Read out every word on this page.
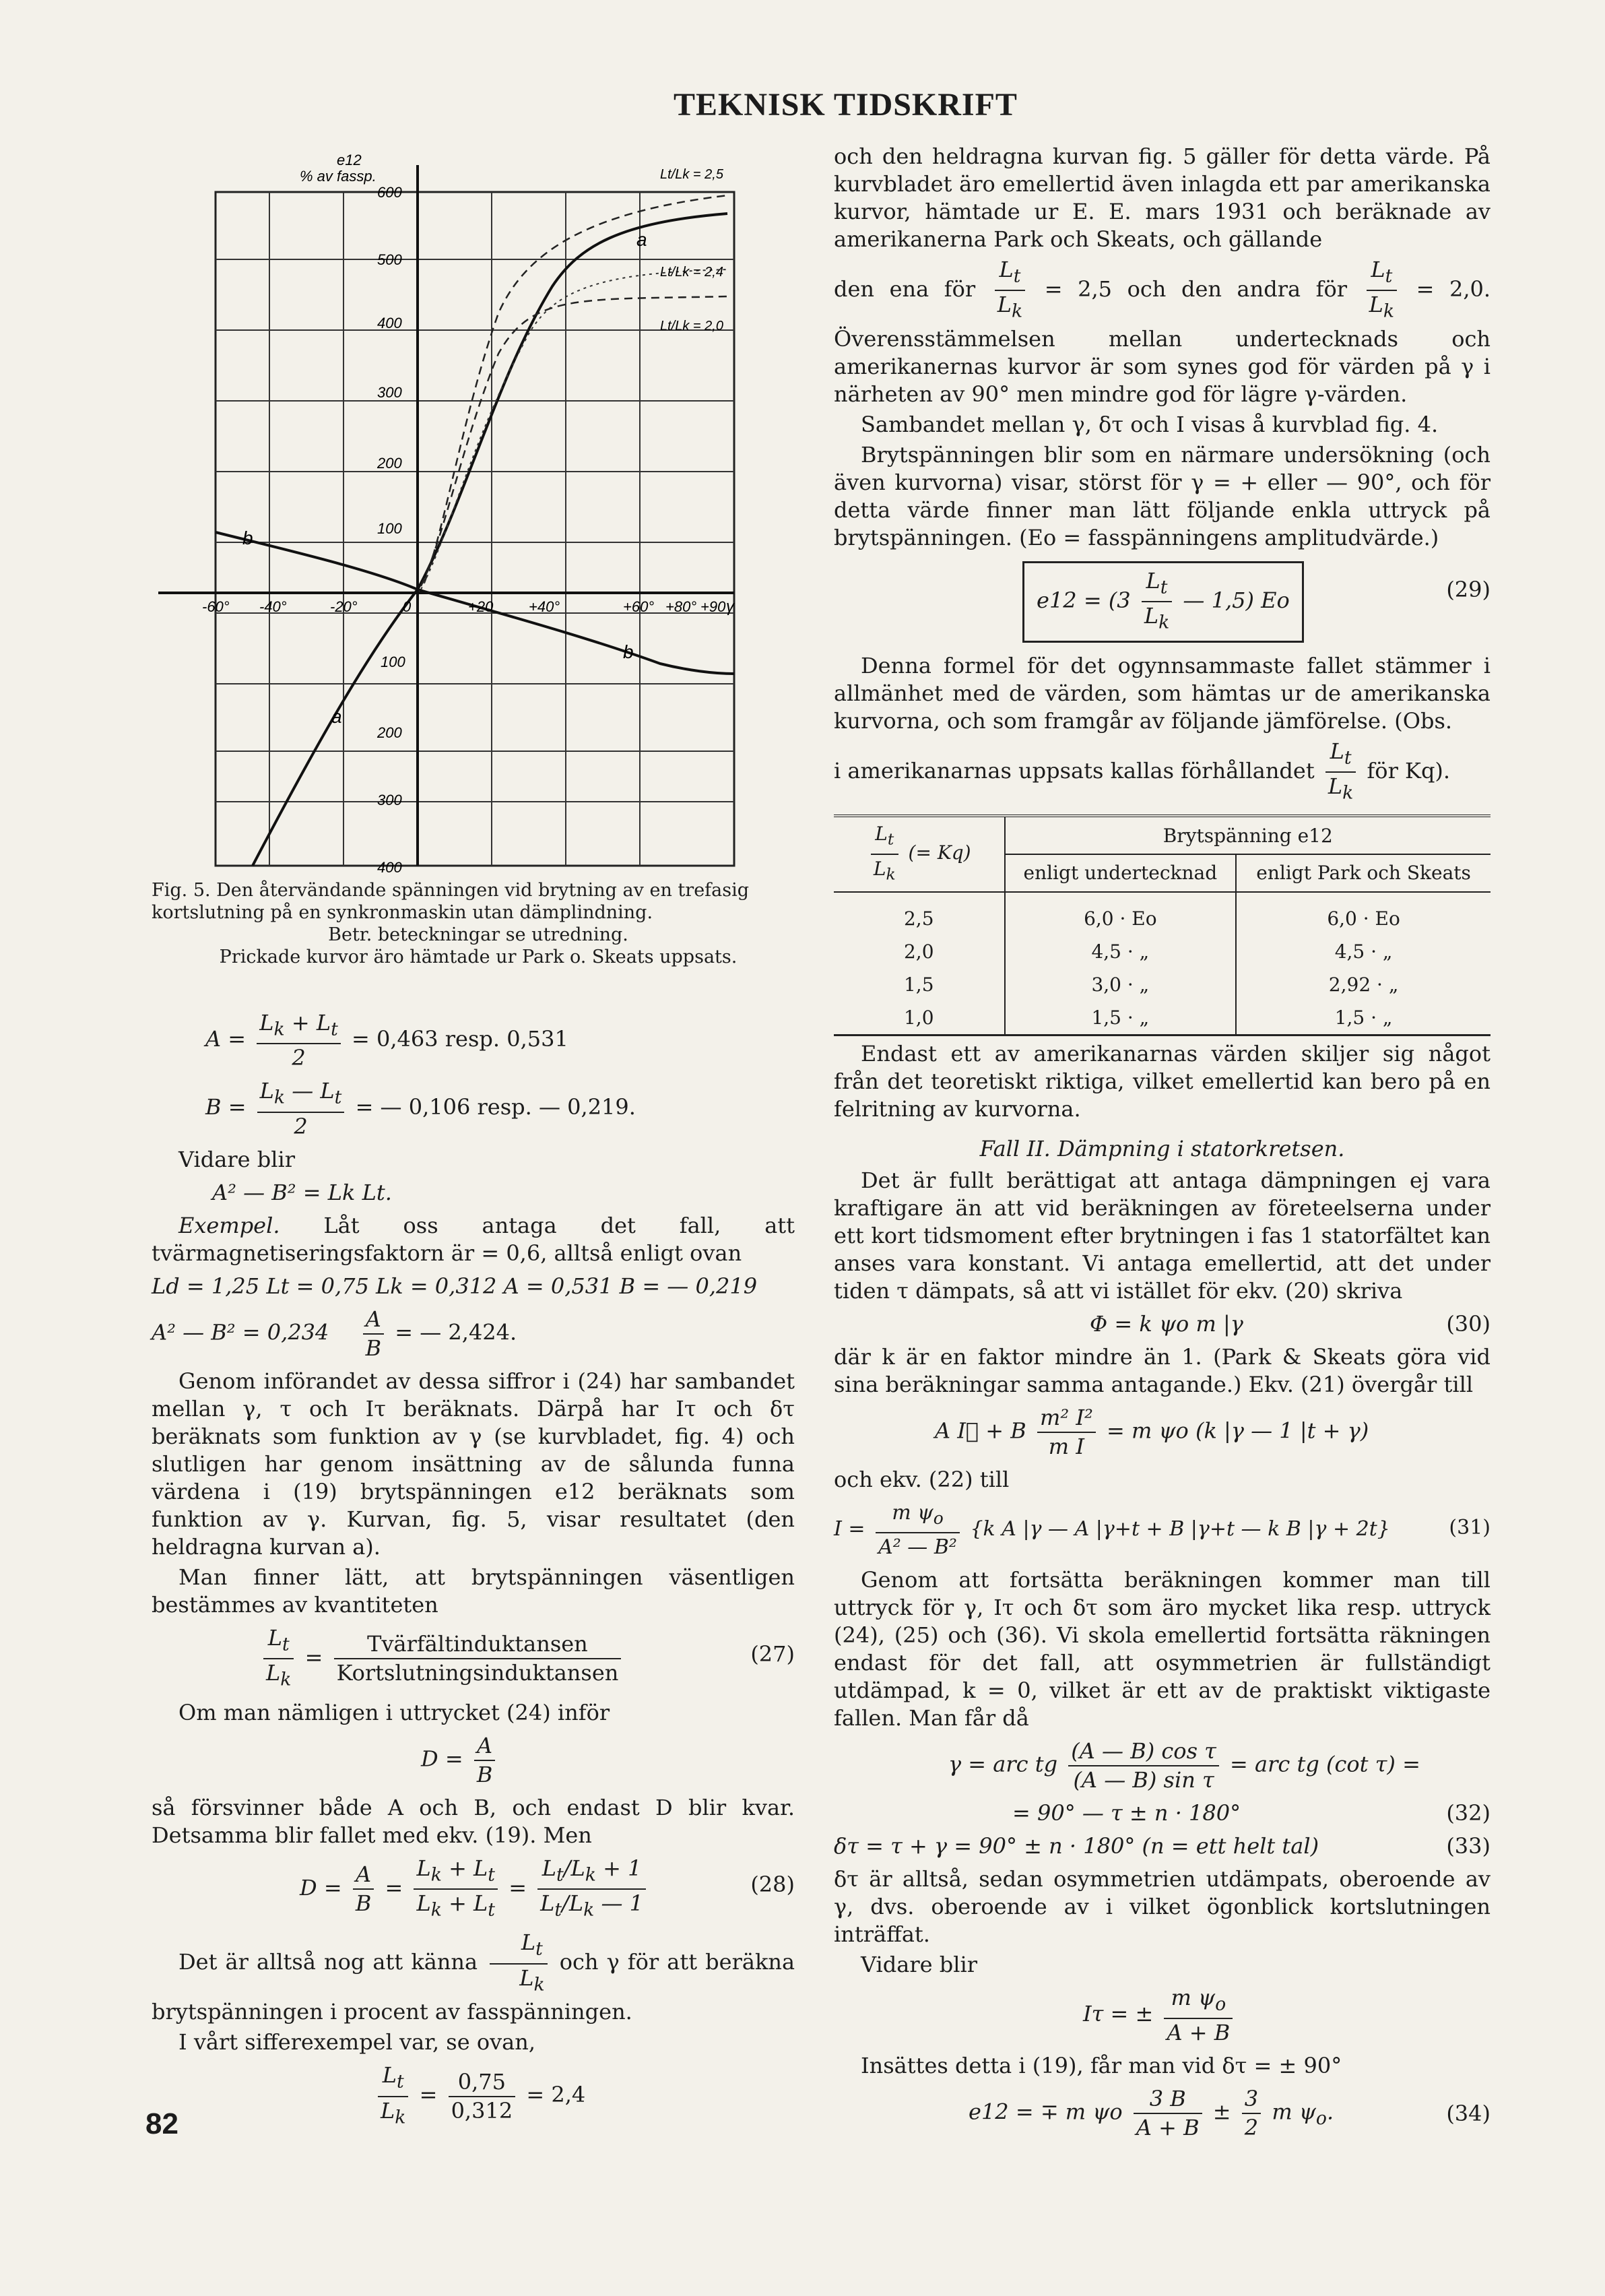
TEKNISK TIDSKRIFT
e12
% av fassp.
600
500
400
300
200
100
100
200
300
400
-60° -40°	-20°	0	+20 +40°	+60° +80° +90 γ
a
a
b
b
Lt/Lk = 2,5
Lt/Lk = 2,4
Lt/Lk = 2,0
Fig. 5. Den återvändande spänningen vid brytning av en trefasig kortslutning på en synkronmaskin utan dämplindning.
Betr. beteckningar se utredning.
Prickade kurvor äro hämtade ur Park o. Skeats uppsats.
$A = \frac{L_k + L_t}{2} = 0,463$ resp. 0,531
$B = \frac{L_k — L_t}{2}$ = — 0,106 resp. — 0,219.

Vidare blir

A² — B² = Lk Lt.

Exempel. Låt oss antaga det fall, att tvärmagnetiseringsfaktorn är = 0,6, alltså enligt ovan

Ld = 1,25 Lt = 0,75 Lk = 0,312 A = 0,531 B = — 0,219
A² — $B^2 = 0,234 \frac{A}{B}$ = — 2,424.

Genom införandet av dessa siffror i (24) har sambandet mellan γ, τ och Iτ beräknats. Därpå har Iτ och δτ beräknats som funktion av γ (se kurvbladet, fig. 4) och slutligen har genom insättning av de sålunda funna värdena i (19) brytspänningen e12 beräknats som funktion av γ. Kurvan, fig. 5, visar resultatet (den heldragna kurvan a).

Man finner lätt, att brytspänningen väsentligen bestämmes av kvantiteten

$\frac{L_t}{L_k} = \frac{\text{Tvärfältinduktansen}}{\text{Kortslutningsinduktansen}}$	(27)

Om man nämligen i uttrycket (24) inför

$D = \frac{A}{B}$

så försvinner både A och B, och endast D blir kvar. Detsamma blir fallet med ekv. (19). Men

$D = \frac{A}{B} = \frac{L_k + L_t}{L_k + L_t} = \frac{L_t/L_k + 1}{L_t/L_k — 1}$	(28)

Det är alltså nog att känna $\frac{L_t}{L_k}$ och γ för att beräkna brytspänningen i procent av fasspänningen.

I vårt sifferexempel var, se ovan,

$\frac{L_t}{L_k} = \frac{0,75}{0,312} = 2,4$

och den heldragna kurvan fig. 5 gäller för detta värde. På kurvbladet äro emellertid även inlagda ett par amerikanska kurvor, hämtade ur E. E. mars 1931 och beräknade av amerikanerna Park och Skeats, och gällande

den ena för $\frac{L_t}{L_k} = 2,5$ och den andra för $\frac{L_t}{L_k} = 2,0$. Överensstämmelsen mellan undertecknads och amerikanernas kurvor är som synes god för värden på γ i närheten av 90° men mindre god för lägre γ-värden.

Sambandet mellan γ, δτ och I visas å kurvblad fig. 4.

Brytspänningen blir som en närmare undersökning (och även kurvorna) visar, störst för γ = + eller — 90°, och för detta värde finner man lätt följande enkla uttryck på brytspänningen. (Eo = fasspänningens amplitudvärde.)

$e12 = (3 \frac{L_t}{L_k}$ — 1,5) Eo	(29)

Denna formel för det ogynnsammaste fallet stämmer i allmänhet med de värden, som hämtas ur de amerikanska kurvorna, och som framgår av följande jämförelse. (Obs.

i amerikanarnas uppsats kallas förhållandet $\frac{L_t}{L_k}$ för Kq).

$\frac{L_t}{L_k}$ (= Kq)	Brytspänning e12	
	enligt undertecknad	enligt Park och Skeats
2,5	6,0 · Eo	6,0 · Eo
2,0	4,5 · „	4,5 · „
1,5	3,0 · „	2,92 · „
1,0	1,5 · „	1,5 · „

Endast ett av amerikanarnas värden skiljer sig något från det teoretiskt riktiga, vilket emellertid kan bero på en felritning av kurvorna.

Fall II. Dämpning i statorkretsen.

Det är fullt berättigat att antaga dämpningen ej vara kraftigare än att vid beräkningen av företeelserna under ett kort tidsmoment efter brytningen i fas 1 statorfältet kan anses vara konstant. Vi antaga emellertid, att det under tiden τ dämpats, så att vi istället för ekv. (20) skriva

Φ = k ψo m |γ	(30)

där k är en faktor mindre än 1. (Park & Skeats göra vid sina beräkningar samma antagande.) Ekv. (21) övergår till

A I⃗ + B $\frac{\text{m² I²}}{\text{m I}} = m$ ψo (k |γ — 1 |t + γ)

och ekv. (22) till

$I = \frac{m \psi_o}{\text{A² — B²}} \{k$ A |γ — A |γ+t + B |γ+t — k B |γ + 2t}	(31)

Genom att fortsätta beräkningen kommer man till uttryck för γ, Iτ och δτ som äro mycket lika resp. uttryck (24), (25) och (36). Vi skola emellertid fortsätta räkningen endast för det fall, att osymmetrien är fullständigt utdämpad, k = 0, vilket är ett av de praktiskt viktigaste fallen. Man får då

γ = arc tg $\frac{\text{(A — B) cos τ}}{\text{(A — B) sin τ}}$ = arc tg (cot τ) =
= 90° — τ ± n · 180°	(32)
δτ = τ + γ = 90° ± n · 180° (n = ett helt tal)	(33)

δτ är alltså, sedan osymmetrien utdämpats, oberoende av γ, dvs. oberoende av i vilket ögonblick kortslutningen inträffat.

Vidare blir

Iτ = ± $\frac{m \psi_o}{A + B}$

Insättes detta i (19), får man vid δτ = ± 90°

e12 = ∓ m ψo $\frac{3 B}{A + B} \pm \frac{3}{2}$ m $\psi_o$.	(34)
82
